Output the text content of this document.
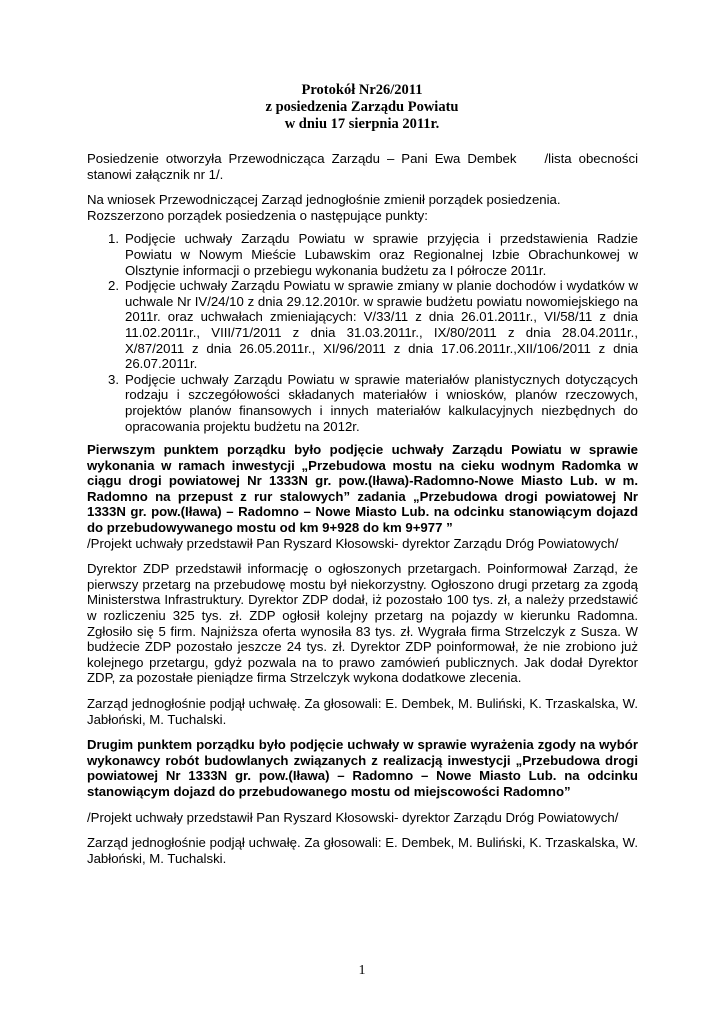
Protokół Nr26/2011
z posiedzenia Zarządu Powiatu
w dniu 17 sierpnia 2011r.

Posiedzenie otworzyła Przewodnicząca Zarządu – Pani Ewa Dembek    /lista obecności stanowi załącznik nr 1/.

Na wniosek Przewodniczącej Zarząd jednogłośnie zmienił porządek posiedzenia.

Rozszerzono porządek posiedzenia o następujące punkty:

1. Podjęcie uchwały Zarządu Powiatu w sprawie przyjęcia i przedstawienia Radzie Powiatu w Nowym Mieście Lubawskim oraz Regionalnej Izbie Obrachunkowej w Olsztynie informacji o przebiegu wykonania budżetu za I półrocze 2011r.
2. Podjęcie uchwały Zarządu Powiatu w sprawie zmiany w planie dochodów i wydatków w uchwale Nr IV/24/10 z dnia 29.12.2010r. w sprawie budżetu powiatu nowomiejskiego na 2011r. oraz uchwałach zmieniających: V/33/11 z dnia 26.01.2011r., VI/58/11 z dnia 11.02.2011r., VIII/71/2011 z dnia 31.03.2011r., IX/80/2011 z dnia 28.04.2011r., X/87/2011 z dnia 26.05.2011r., XI/96/2011 z dnia 17.06.2011r.,XII/106/2011 z dnia 26.07.2011r.
3. Podjęcie uchwały Zarządu Powiatu w sprawie materiałów planistycznych dotyczących rodzaju i szczegółowości składanych materiałów i wniosków, planów rzeczowych, projektów planów finansowych i innych materiałów kalkulacyjnych niezbędnych do opracowania projektu budżetu na 2012r.

Pierwszym punktem porządku było podjęcie uchwały Zarządu Powiatu w sprawie wykonania w ramach inwestycji „Przebudowa mostu na cieku wodnym Radomka w ciągu drogi powiatowej Nr 1333N gr. pow.(Iława)-Radomno-Nowe Miasto Lub. w m. Radomno na przepust z rur stalowych” zadania „Przebudowa drogi powiatowej Nr 1333N gr. pow.(Iława) – Radomno – Nowe Miasto Lub. na odcinku stanowiącym dojazd do przebudowywanego mostu od km 9+928 do km 9+977 ”

/Projekt uchwały przedstawił Pan Ryszard Kłosowski- dyrektor Zarządu Dróg Powiatowych/

Dyrektor ZDP przedstawił informację o ogłoszonych przetargach. Poinformował Zarząd, że pierwszy przetarg na przebudowę mostu był niekorzystny. Ogłoszono drugi przetarg za zgodą Ministerstwa Infrastruktury. Dyrektor ZDP dodał, iż pozostało 100 tys. zł, a należy przedstawić w rozliczeniu 325 tys. zł. ZDP ogłosił kolejny przetarg na pojazdy w kierunku Radomna. Zgłosiło się 5 firm. Najniższa oferta wynosiła 83 tys. zł. Wygrała firma Strzelczyk z Susza. W budżecie ZDP pozostało jeszcze 24 tys. zł. Dyrektor ZDP poinformował, że nie zrobiono już kolejnego przetargu, gdyż pozwala na to prawo zamówień publicznych. Jak dodał Dyrektor ZDP, za pozostałe pieniądze firma Strzelczyk wykona dodatkowe zlecenia.

Zarząd jednogłośnie podjął uchwałę. Za głosowali: E. Dembek, M. Buliński, K. Trzaskalska, W. Jabłoński, M. Tuchalski.

Drugim punktem porządku było podjęcie uchwały w sprawie wyrażenia zgody na wybór wykonawcy robót budowlanych związanych z realizacją inwestycji „Przebudowa drogi powiatowej Nr 1333N gr. pow.(Iława) – Radomno – Nowe Miasto Lub. na odcinku stanowiącym dojazd do przebudowanego mostu od miejscowości Radomno”

/Projekt uchwały przedstawił Pan Ryszard Kłosowski- dyrektor Zarządu Dróg Powiatowych/

Zarząd jednogłośnie podjął uchwałę. Za głosowali: E. Dembek, M. Buliński, K. Trzaskalska, W. Jabłoński, M. Tuchalski.

1
